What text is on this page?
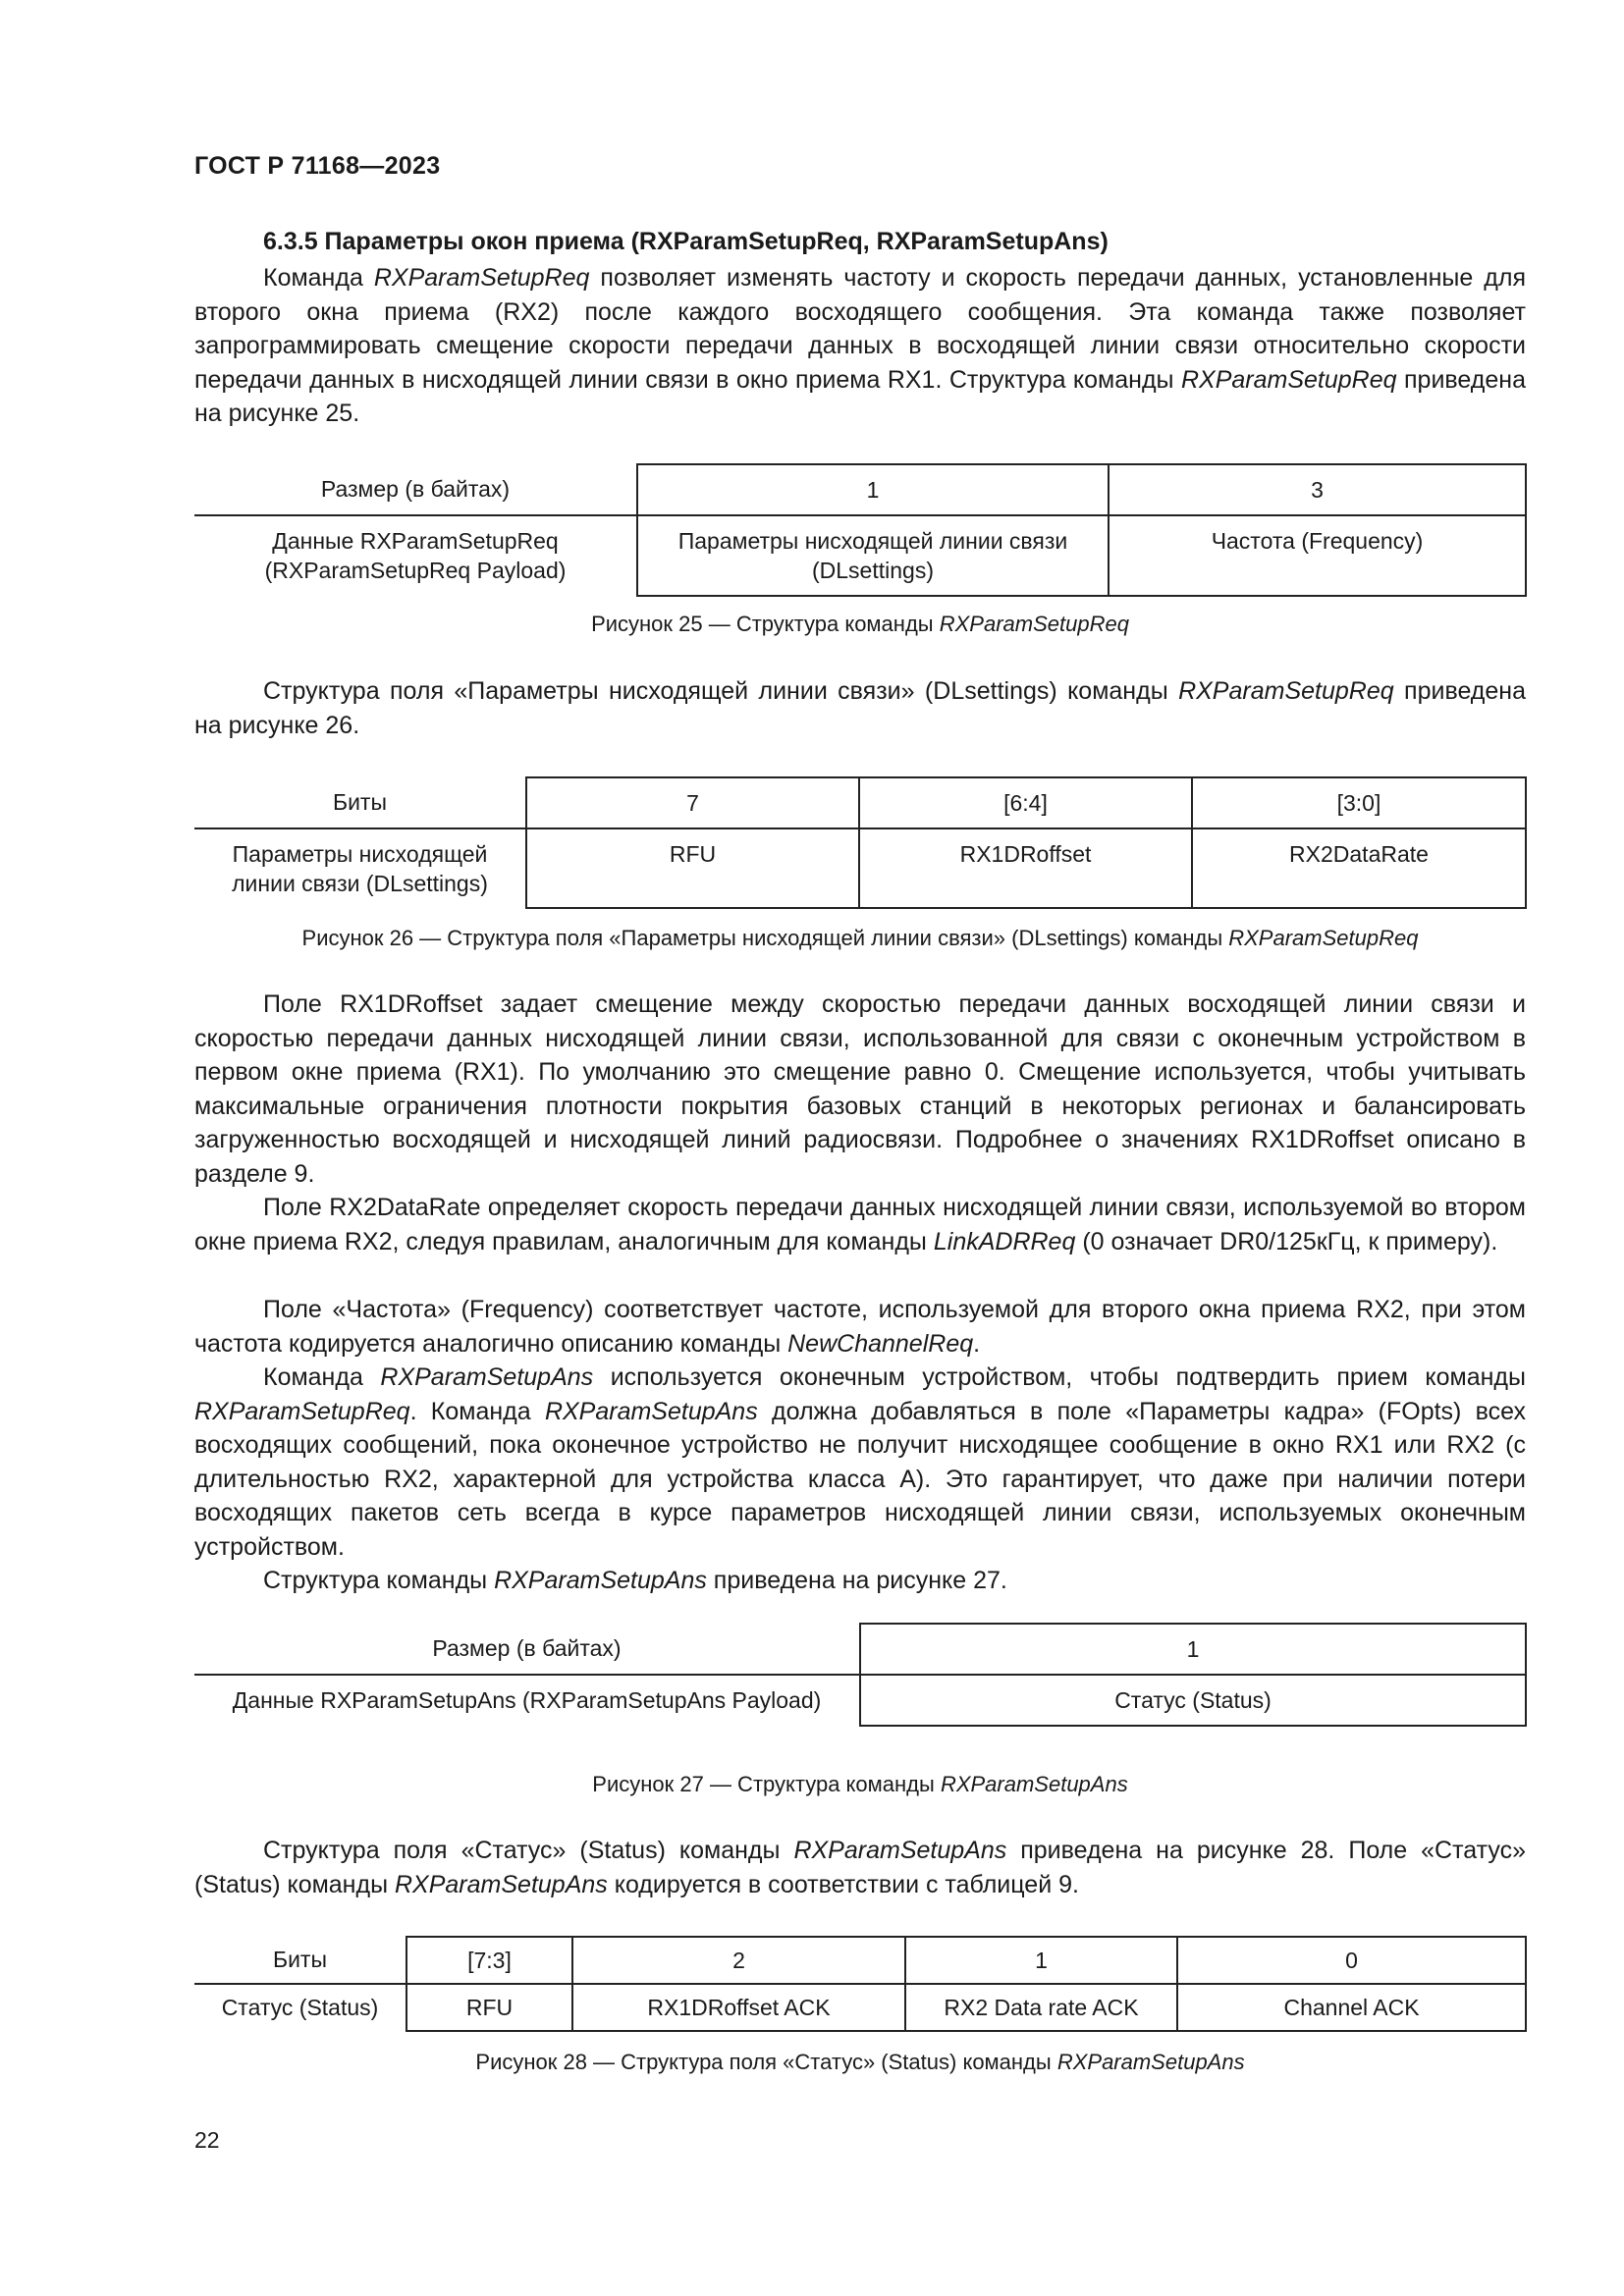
ГОСТ Р 71168—2023
6.3.5 Параметры окон приема (RXParamSetupReq, RXParamSetupAns)
Команда RXParamSetupReq позволяет изменять частоту и скорость передачи данных, установленные для второго окна приема (RX2) после каждого восходящего сообщения. Эта команда также позволяет запрограммировать смещение скорости передачи данных в восходящей линии связи относительно скорости передачи данных в нисходящей линии связи в окно приема RX1. Структура команды RXParamSetupReq приведена на рисунке 25.
Размер (в байтах)	1	3
Данные RXParamSetupReq (RXParamSetupReq Payload)	Параметры нисходящей линии связи (DLsettings)	Частота (Frequency)
Рисунок 25 — Структура команды RXParamSetupReq
Структура поля «Параметры нисходящей линии связи» (DLsettings) команды RXParamSetupReq приведена на рисунке 26.
Биты	7	[6:4]	[3:0]
Параметры нисходящей линии связи (DLsettings)	RFU	RX1DRoffset	RX2DataRate
Рисунок 26 — Структура поля «Параметры нисходящей линии связи» (DLsettings) команды RXParamSetupReq
Поле RX1DRoffset задает смещение между скоростью передачи данных восходящей линии связи и скоростью передачи данных нисходящей линии связи, использованной для связи с оконечным устройством в первом окне приема (RX1). По умолчанию это смещение равно 0. Смещение используется, чтобы учитывать максимальные ограничения плотности покрытия базовых станций в некоторых регионах и балансировать загруженностью восходящей и нисходящей линий радиосвязи. Подробнее о значениях RX1DRoffset описано в разделе 9.
Поле RX2DataRate определяет скорость передачи данных нисходящей линии связи, используемой во втором окне приема RX2, следуя правилам, аналогичным для команды LinkADRReq (0 означает DR0/125кГц, к примеру).
Поле «Частота» (Frequency) соответствует частоте, используемой для второго окна приема RX2, при этом частота кодируется аналогично описанию команды NewChannelReq.
Команда RXParamSetupAns используется оконечным устройством, чтобы подтвердить прием команды RXParamSetupReq. Команда RXParamSetupAns должна добавляться в поле «Параметры кадра» (FOpts) всех восходящих сообщений, пока оконечное устройство не получит нисходящее сообщение в окно RX1 или RX2 (с длительностью RX2, характерной для устройства класса А). Это гарантирует, что даже при наличии потери восходящих пакетов сеть всегда в курсе параметров нисходящей линии связи, используемых оконечным устройством.
Структура команды RXParamSetupAns приведена на рисунке 27.
Размер (в байтах)	1
Данные RXParamSetupAns (RXParamSetupAns Payload)	Статус (Status)
Рисунок 27 — Структура команды RXParamSetupAns
Структура поля «Статус» (Status) команды RXParamSetupAns приведена на рисунке 28. Поле «Статус» (Status) команды RXParamSetupAns кодируется в соответствии с таблицей 9.
Биты	[7:3]	2	1	0
Статус (Status)	RFU	RX1DRoffset ACK	RX2 Data rate ACK	Channel ACK
Рисунок 28 — Структура поля «Статус» (Status) команды RXParamSetupAns
22
